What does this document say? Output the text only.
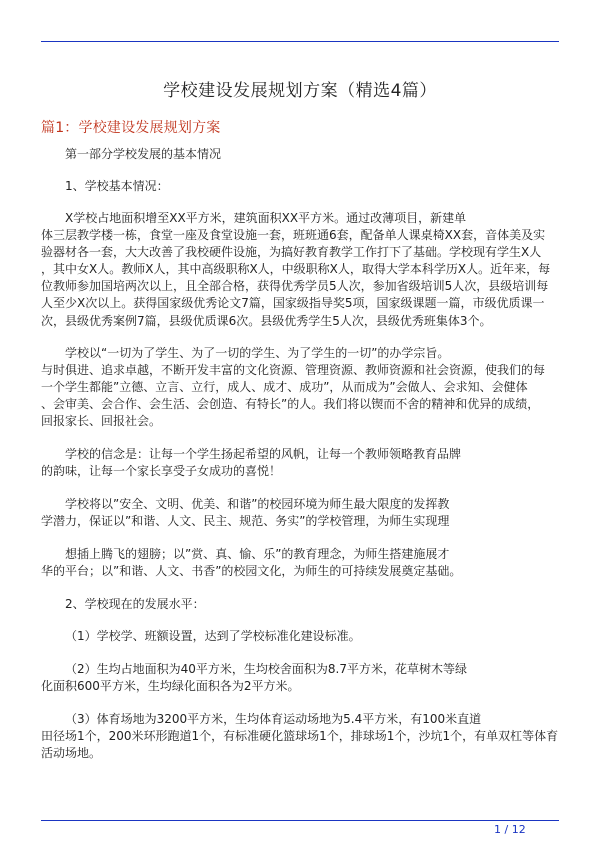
学校建设发展规划方案（精选4篇）
篇1：学校建设发展规划方案
第一部分学校发展的基本情况
1、学校基本情况：
X学校占地面积增至XX平方米，建筑面积XX平方米。通过改薄项目，新建单
体三层教学楼一栋，食堂一座及食堂设施一套，班班通6套，配备单人课桌椅XX套，音体美及实
验器材各一套，大大改善了我校硬件设施，为搞好教育教学工作打下了基础。学校现有学生X人
，其中女X人。教师X人，其中高级职称X人，中级职称X人，取得大学本科学历X人。近年来，每
位教师参加国培两次以上，且全部合格，获得优秀学员5人次，参加省级培训5人次，县级培训每
人至少X次以上。获得国家级优秀论文7篇，国家级指导奖5项，国家级课题一篇，市级优质课一
次，县级优秀案例7篇，县级优质课6次。县级优秀学生5人次，县级优秀班集体3个。
学校以“一切为了学生、为了一切的学生、为了学生的一切”的办学宗旨。
与时俱进、追求卓越，不断开发丰富的文化资源、管理资源、教师资源和社会资源，使我们的每
一个学生都能”立德、立言、立行，成人、成才、成功”，从而成为”会做人、会求知、会健体
、会审美、会合作、会生活、会创造、有特长”的人。我们将以锲而不舍的精神和优异的成绩，
回报家长、回报社会。
学校的信念是：让每一个学生扬起希望的风帆，让每一个教师领略教育品牌
的韵味，让每一个家长享受子女成功的喜悦！
学校将以”安全、文明、优美、和谐”的校园环境为师生最大限度的发挥教
学潜力，保证以”和谐、人文、民主、规范、务实”的学校管理，为师生实现理
想插上腾飞的翅膀；以”赏、真、愉、乐”的教育理念，为师生搭建施展才
华的平台；以”和谐、人文、书香”的校园文化，为师生的可持续发展奠定基础。
2、学校现在的发展水平：
（1）学校学、班额设置，达到了学校标准化建设标准。
（2）生均占地面积为40平方米，生均校舍面积为8.7平方米，花草树木等绿
化面积600平方米，生均绿化面积各为2平方米。
（3）体育场地为3200平方米，生均体育运动场地为5.4平方米，有100米直道
田径场1个，200米环形跑道1个，有标准硬化篮球场1个，排球场1个，沙坑1个，有单双杠等体育
活动场地。
1 / 12
